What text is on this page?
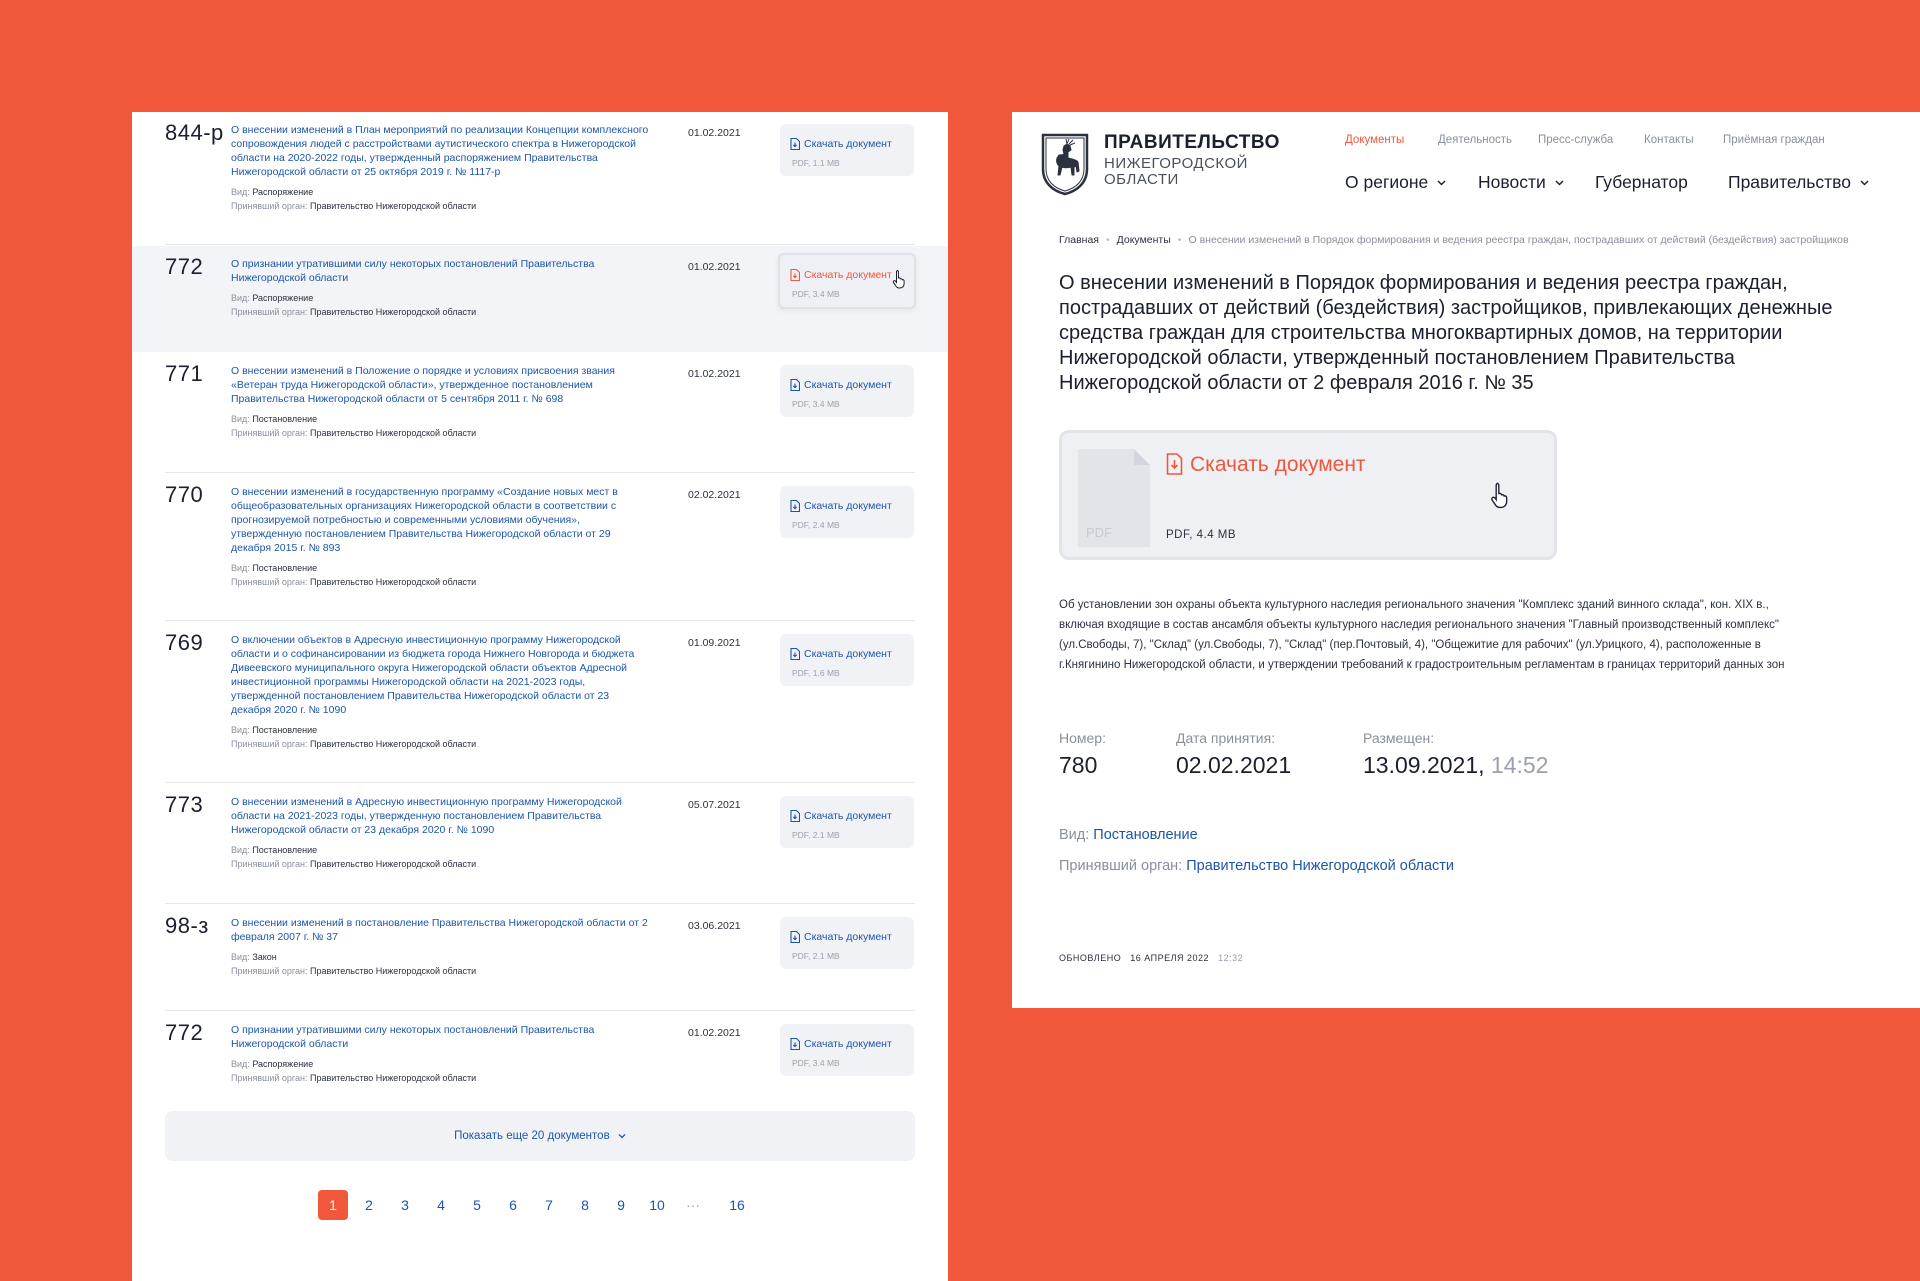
844-р О внесении изменений в План мероприятий по реализации Концепции комплексного сопровождения людей с расстройствами аутистического спектра в Нижегородской области на 2020-2022 годы, утвержденный распоряжением Правительства Нижегородской области от 25 октября 2019 г. № 1117-р
Вид: Распоряжение
Принявший орган: Правительство Нижегородской области
01.02.2021
Скачать документ
PDF, 1.1 MB
772	О признании утратившими силу некоторых постановлений Правительства Нижегородской области
Вид: Распоряжение
Принявший орган: Правительство Нижегородской области
01.02.2021
Скачать документ
PDF, 3.4 MB
771	О внесении изменений в Положение о порядке и условиях присвоения звания «Ветеран труда Нижегородской области», утвержденное постановлением Правительства Нижегородской области от 5 сентября 2011 г. № 698
Вид: Постановление
Принявший орган: Правительство Нижегородской области
01.02.2021
Скачать документ
PDF, 3.4 MB
770	О внесении изменений в государственную программу «Создание новых мест в общеобразовательных организациях Нижегородской области в соответствии с прогнозируемой потребностью и современными условиями обучения», утвержденную постановлением Правительства Нижегородской области от 29 декабря 2015 г. № 893
Вид: Постановление
Принявший орган: Правительство Нижегородской области
02.02.2021
Скачать документ
PDF, 2.4 MB
769	О включении объектов в Адресную инвестиционную программу Нижегородской области и о софинансировании из бюджета города Нижнего Новгорода и бюджета Дивеевского муниципального округа Нижегородской области объектов Адресной инвестиционной программы Нижегородской области на 2021-2023 годы, утвержденной постановлением Правительства Нижегородской области от 23 декабря 2020 г. № 1090
Вид: Постановление
Принявший орган: Правительство Нижегородской области
01.09.2021
Скачать документ
PDF, 1.6 MB
773	О внесении изменений в Адресную инвестиционную программу Нижегородской области на 2021-2023 годы, утвержденную постановлением Правительства Нижегородской области от 23 декабря 2020 г. № 1090
Вид: Постановление
Принявший орган: Правительство Нижегородской области
05.07.2021
Скачать документ
PDF, 2.1 MB
98-з О внесении изменений в постановление Правительства Нижегородской области от 2 февраля 2007 г. № 37
Вид: Закон
Принявший орган: Правительство Нижегородской области
03.06.2021
Скачать документ
PDF, 2.1 MB
772	О признании утратившими силу некоторых постановлений Правительства Нижегородской области
Вид: Распоряжение
Принявший орган: Правительство Нижегородской области
01.02.2021
Скачать документ
PDF, 3.4 MB
Показать еще 20 документов
1	2	3	4	5	6	7	8	9	10	···	16
ПРАВИТЕЛЬСТВО
НИЖЕГОРОДСКОЙ
ОБЛАСТИ
Документы	Деятельность Пресс-служба	Контакты	Приёмная граждан
О регионе	Новости	Губернатор Правительство
Главная • Документы • О внесении изменений в Порядок формирования и ведения реестра граждан, пострадавших от действий (бездействия) застройщиков
О внесении изменений в Порядок формирования и ведения реестра граждан, пострадавших от действий (бездействия) застройщиков, привлекающих денежные средства граждан для строительства многоквартирных домов, на территории Нижегородской области, утвержденный постановлением Правительства Нижегородской области от 2 февраля 2016 г. № 35
PDF
Скачать документ
PDF, 4.4 MB
Об установлении зон охраны объекта культурного наследия регионального значения "Комплекс зданий винного склада", кон. XIX в., включая входящие в состав ансамбля объекты культурного наследия регионального значения "Главный производственный комплекс" (ул.Свободы, 7), "Склад" (ул.Свободы, 7), "Склад" (пер.Почтовый, 4), "Общежитие для рабочих" (ул.Урицкого, 4), расположенные в г.Княгинино Нижегородской области, и утверждении требований к градостроительным регламентам в границах территорий данных зон
Номер:
780
Дата принятия:
02.02.2021
Размещен:
13.09.2021, 14:52
Вид: Постановление
Принявший орган: Правительство Нижегородской области
ОБНОВЛЕНО 16 АПРЕЛЯ 2022 12:32
